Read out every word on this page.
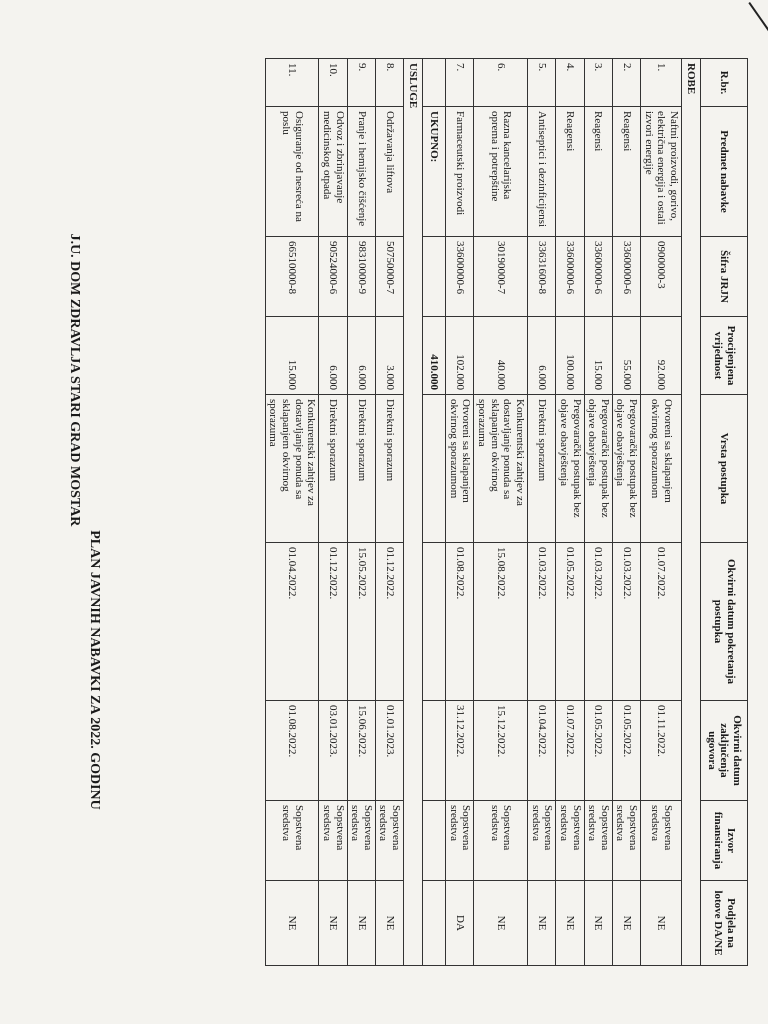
J.U. DOM ZDRAVLJA STARI GRAD MOSTAR
PLAN JAVNIH NABAVKI ZA 2022. GODINU
R.br.	Predmet nabavke	Šifra JRJN	Procijenjena vrijednost	Vrsta postupka	Okvirni datum pokretanja postupka	Okvirni datum zaključenja ugovora	Izvor finansiranja	Podjela na lotove DA/NE
ROBE								
1.	Naftni proizvodi, gorivo, električna energija i ostali izvori energije	0900000-3	92.000	Otvoreni sa sklapanjem okvirnog sporazumom	01.07.2022.	01.11.2022.	Sopstvena sredstva	NE
2.	Reagensi	33600000-6	55.000	Pregovarački postupak bez objave obavještenja	01.03.2022.	01.05.2022.	Sopstvena sredstva	NE
3.	Reagensi	33600000-6	15.000	Pregovarački postupak bez objave obavještenja	01.03.2022.	01.05.2022.	Sopstvena sredstva	NE
4.	Reagensi	33600000-6	100.000	Pregovarački postupak bez objave obavještenja	01.05.2022.	01.07.2022.	Sopstvena sredstva	NE
5.	Antiseptici i dezinficijensi	33631600-8	6.000	Direktni sporazum	01.03.2022.	01.04.2022.	Sopstvena sredstva	NE
6.	Razna kancelarijska oprema i potrepštine	30190000-7	40.000	Konkurentski zahtjev za dostavljanje ponuda sa sklapanjem okvirnog sporazuma	15.08.2022.	15.12.2022.	Sopstvena sredstva	NE
7.	Farmaceutski proizvodi	33600000-6	102.000	Otvoreni sa sklapanjem okvirnog sporazumom	01.08.2022.	31.12.2022.	Sopstvena sredstva	DA
	UKUPNO:		410.000					
USLUGE								
8.	Održavanja liftova	50750000-7	3.000	Direktni sporazum	01.12.2022.	01.01.2023.	Sopstvena sredstva	NE
9.	Pranje i hemijsko čišćenje	98310000-9	6.000	Direktni sporazum	15.05.2022.	15.06.2022.	Sopstvena sredstva	NE
10.	Odvoz i zbrinjavanje medicinskog otpada	90524000-6	6.000	Direktni sporazum	01.12.2022.	03.01.2023.	Sopstvena sredstva	NE
11.	Osiguranje od nesreća na poslu	66510000-8	15.000	Konkurentski zahtjev za dostavljanje ponuda sa sklapanjem okvirnog sporazuma	01.04.2022.	01.08.2022.	Sopstvena sredstva	NE
